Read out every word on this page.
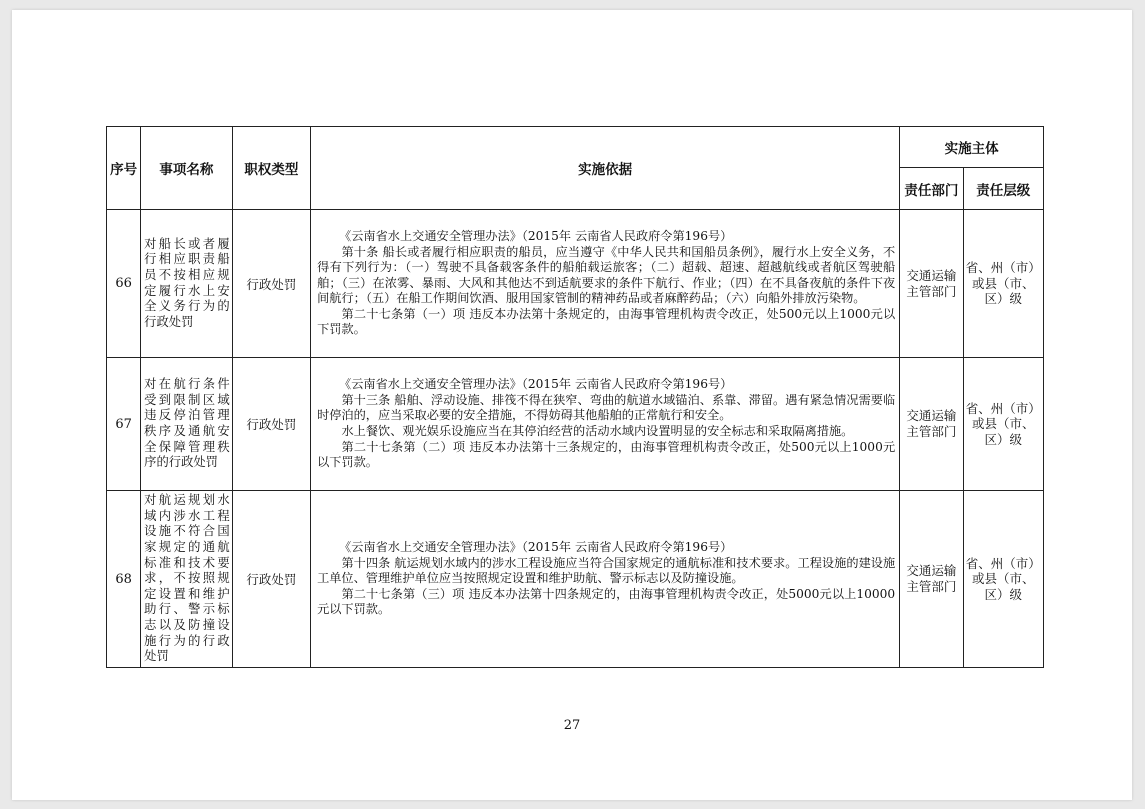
序号	事项名称	职权类型	实施依据	实施主体	
				责任部门	责任层级
66	对船长或者履行相应职责船员不按相应规定履行水上安全义务行为的行政处罚	行政处罚	《云南省水上交通安全管理办法》（2015年 云南省人民政府令第196号）

第十条 船长或者履行相应职责的船员，应当遵守《中华人民共和国船员条例》，履行水上安全义务，不得有下列行为：（一）驾驶不具备载客条件的船舶载运旅客；（二）超载、超速、超越航线或者航区驾驶船舶；（三）在浓雾、暴雨、大风和其他达不到适航要求的条件下航行、作业；（四）在不具备夜航的条件下夜间航行；（五）在船工作期间饮酒、服用国家管制的精神药品或者麻醉药品；（六）向船外排放污染物。

第二十七条第（一）项 违反本办法第十条规定的，由海事管理机构责令改正，处500元以上1000元以下罚款。	交通运输主管部门	省、州（市）或县（市、区）级
67	对在航行条件受到限制区域违反停泊管理秩序及通航安全保障管理秩序的行政处罚	行政处罚	《云南省水上交通安全管理办法》（2015年 云南省人民政府令第196号）

第十三条 船舶、浮动设施、排筏不得在狭窄、弯曲的航道水域锚泊、系靠、滞留。遇有紧急情况需要临时停泊的，应当采取必要的安全措施，不得妨碍其他船舶的正常航行和安全。

水上餐饮、观光娱乐设施应当在其停泊经营的活动水域内设置明显的安全标志和采取隔离措施。

第二十七条第（二）项 违反本办法第十三条规定的，由海事管理机构责令改正，处500元以上1000元以下罚款。	交通运输主管部门	省、州（市）或县（市、区）级
68	对航运规划水域内涉水工程设施不符合国家规定的通航标准和技术要求，不按照规定设置和维护助行、警示标志以及防撞设施行为的行政处罚	行政处罚	《云南省水上交通安全管理办法》（2015年 云南省人民政府令第196号）

第十四条 航运规划水域内的涉水工程设施应当符合国家规定的通航标准和技术要求。工程设施的建设施工单位、管理维护单位应当按照规定设置和维护助航、警示标志以及防撞设施。

第二十七条第（三）项 违反本办法第十四条规定的，由海事管理机构责令改正，处5000元以上10000元以下罚款。	交通运输主管部门	省、州（市）或县（市、区）级
27
